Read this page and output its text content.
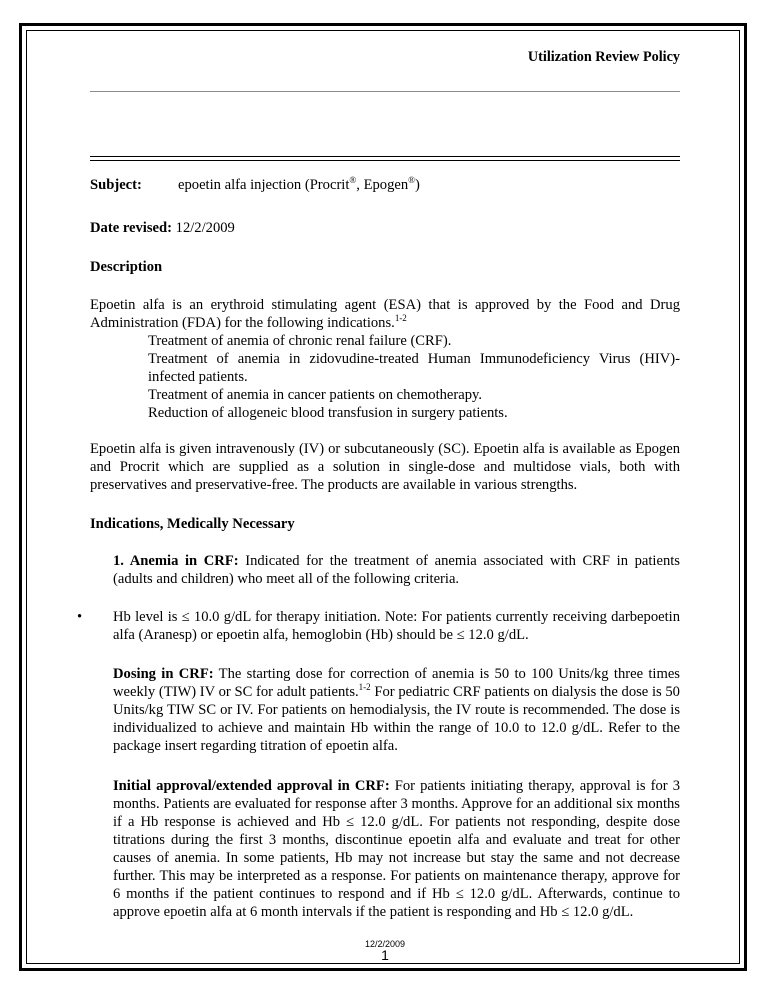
Utilization Review Policy
Subject: epoetin alfa injection (Procrit®, Epogen®)
Date revised: 12/2/2009
Description
Epoetin alfa is an erythroid stimulating agent (ESA) that is approved by the Food and Drug Administration (FDA) for the following indications.$^{1-2}$
Treatment of anemia of chronic renal failure (CRF).
Treatment of anemia in zidovudine-treated Human Immunodeficiency Virus (HIV)-infected patients.
Treatment of anemia in cancer patients on chemotherapy.
Reduction of allogeneic blood transfusion in surgery patients.
Epoetin alfa is given intravenously (IV) or subcutaneously (SC). Epoetin alfa is available as Epogen and Procrit which are supplied as a solution in single-dose and multidose vials, both with preservatives and preservative-free. The products are available in various strengths.
Indications, Medically Necessary
1. Anemia in CRF: Indicated for the treatment of anemia associated with CRF in patients (adults and children) who meet all of the following criteria.
• Hb level is ≤ 10.0 g/dL for therapy initiation. Note: For patients currently receiving darbepoetin alfa (Aranesp) or epoetin alfa, hemoglobin (Hb) should be ≤ 12.0 g/dL.
Dosing in CRF: The starting dose for correction of anemia is 50 to 100 Units/kg three times weekly (TIW) IV or SC for adult patients.$^{1-2}$ For pediatric CRF patients on dialysis the dose is 50 Units/kg TIW SC or IV. For patients on hemodialysis, the IV route is recommended. The dose is individualized to achieve and maintain Hb within the range of 10.0 to 12.0 g/dL. Refer to the package insert regarding titration of epoetin alfa.
Initial approval/extended approval in CRF: For patients initiating therapy, approval is for 3 months. Patients are evaluated for response after 3 months. Approve for an additional six months if a Hb response is achieved and Hb ≤ 12.0 g/dL. For patients not responding, despite dose titrations during the first 3 months, discontinue epoetin alfa and evaluate and treat for other causes of anemia. In some patients, Hb may not increase but stay the same and not decrease further. This may be interpreted as a response. For patients on maintenance therapy, approve for 6 months if the patient continues to respond and if Hb ≤ 12.0 g/dL. Afterwards, continue to approve epoetin alfa at 6 month intervals if the patient is responding and Hb ≤ 12.0 g/dL.
12/2/2009
1
